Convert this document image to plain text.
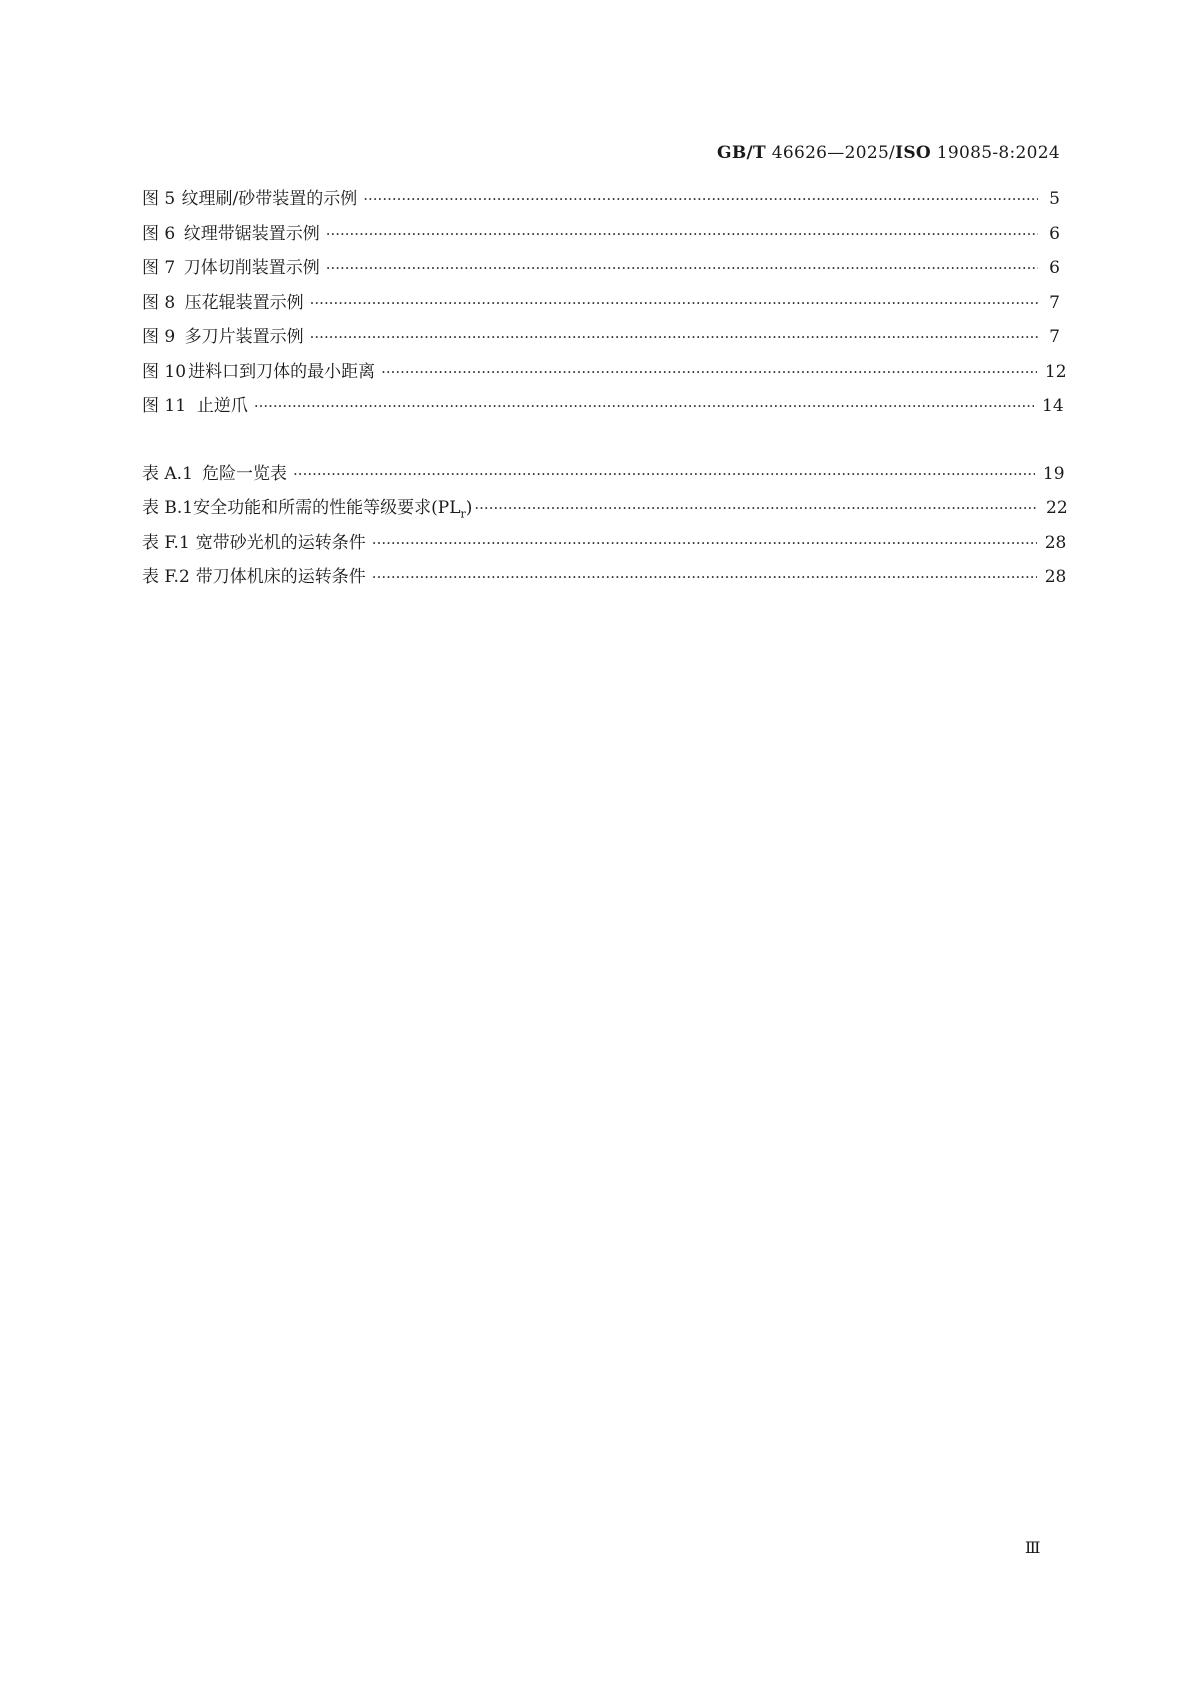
GB/T 46626—2025/ISO 19085-8:2024
图 5 纹理刷/砂带装置的示例 ·····	5
图 6 纹理带锯装置示例 ·····	6
图 7 刀体切削装置示例 ·····	6
图 8 压花辊装置示例 ·····	7
图 9 多刀片装置示例 ·····	7
图 10 进料口到刀体的最小距离 ·····	12
图 11 止逆爪 ·····	14
表 A.1 危险一览表 ·····	19
表 B.1 安全功能和所需的性能等级要求$(PL_r)$ ·····	22
表 F.1 宽带砂光机的运转条件 ·····	28
表 F.2 带刀体机床的运转条件 ·····	28
Ⅲ
